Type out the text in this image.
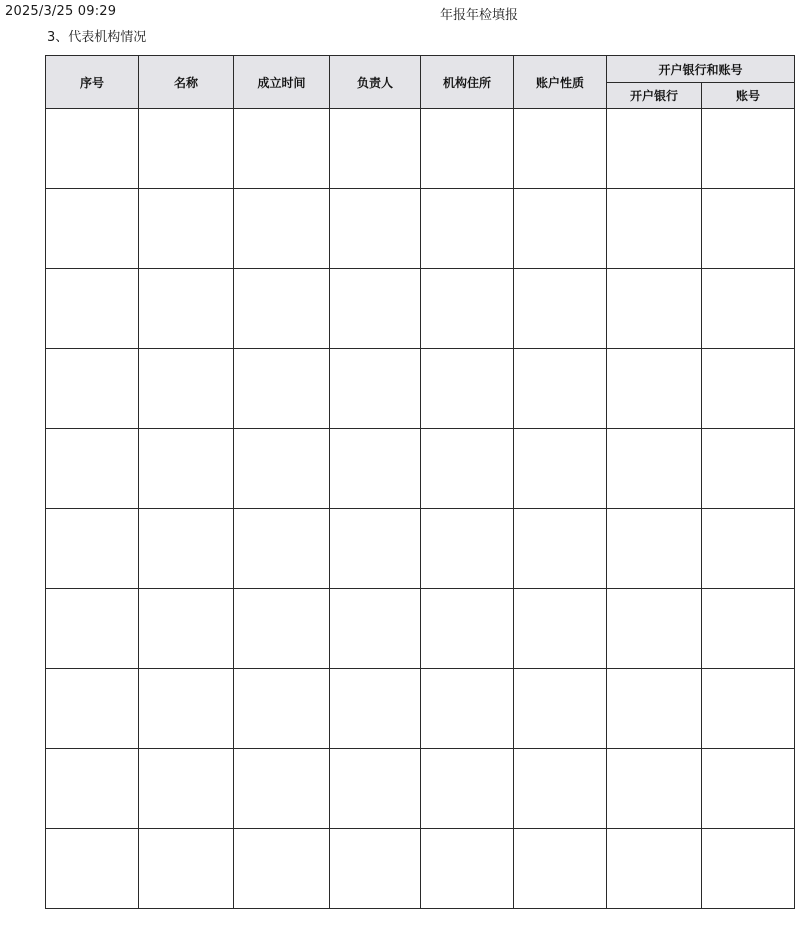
2025/3/25 09:29	年报年检填报
3、代表机构情况
序号	名称	成立时间	负责人	机构住所	账户性质	开户银行和账号	
						开户银行	账号
